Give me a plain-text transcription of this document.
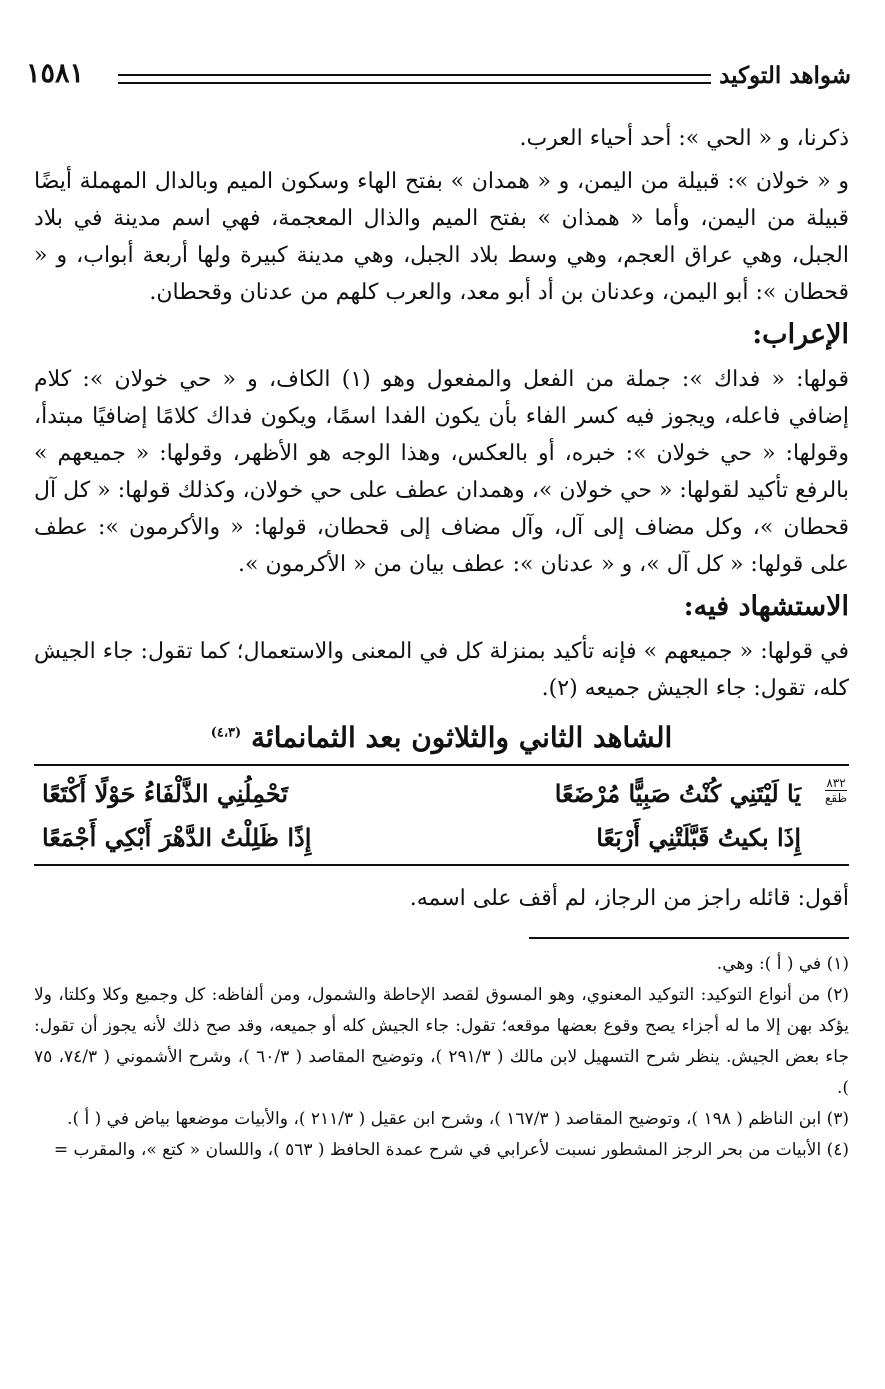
شواهد التوكيد
١٥٨١

ذكرنا، و « الحي »: أحد أحياء العرب.

و « خولان »: قبيلة من اليمن، و « همدان » بفتح الهاء وسكون الميم وبالدال المهملة أيضًا قبيلة من اليمن، وأما « همذان » بفتح الميم والذال المعجمة، فهي اسم مدينة في بلاد الجبل، وهي عراق العجم، وهي وسط بلاد الجبل، وهي مدينة كبيرة ولها أربعة أبواب، و « قحطان »: أبو اليمن، وعدنان بن أد أبو معد، والعرب كلهم من عدنان وقحطان.

الإعراب:

قولها: « فداك »: جملة من الفعل والمفعول وهو (١) الكاف، و « حي خولان »: كلام إضافي فاعله، ويجوز فيه كسر الفاء بأن يكون الفدا اسمًا، ويكون فداك كلامًا إضافيًا مبتدأ، وقولها: « حي خولان »: خبره، أو بالعكس، وهذا الوجه هو الأظهر، وقولها: « جميعهم » بالرفع تأكيد لقولها: « حي خولان »، وهمدان عطف على حي خولان، وكذلك قولها: « كل آل قحطان »، وكل مضاف إلى آل، وآل مضاف إلى قحطان، قولها: « والأكرمون »: عطف على قولها: « كل آل »، و « عدنان »: عطف بيان من « الأكرمون ».

الاستشهاد فيه:

في قولها: « جميعهم » فإنه تأكيد بمنزلة كل في المعنى والاستعمال؛ كما تقول: جاء الجيش كله، تقول: جاء الجيش جميعه (٢).

الشاهد الثاني والثلاثون بعد الثمانمائة $^{(٤،٣)}$
٨٣٢
ظقع
يَا لَيْتَنِي كُنْتُ صَبِيًّا مُرْضَعًا
تَحْمِلُنِي الذَّلْفَاءُ حَوْلًا أَكْتَعًا
إِذَا بكيتُ قَبَّلَتْنِي أَرْبَعًا
إِذًا ظَلِلْتُ الدَّهْرَ أَبْكِي أَجْمَعًا

أقول: قائله راجز من الرجاز، لم أقف على اسمه.

(١) في ( أ ): وهي.

(٢) من أنواع التوكيد: التوكيد المعنوي، وهو المسوق لقصد الإحاطة والشمول، ومن ألفاظه: كل وجميع وكلا وكلتا، ولا يؤكد بهن إلا ما له أجزاء يصح وقوع بعضها موقعه؛ تقول: جاء الجيش كله أو جميعه، وقد صح ذلك لأنه يجوز أن تقول: جاء بعض الجيش. ينظر شرح التسهيل لابن مالك ( ٢٩١/٣ )، وتوضيح المقاصد ( ٦٠/٣ )، وشرح الأشموني ( ٧٤/٣، ٧٥ ).

(٣) ابن الناظم ( ١٩٨ )، وتوضيح المقاصد ( ١٦٧/٣ )، وشرح ابن عقيل ( ٢١١/٣ )، والأبيات موضعها بياض في ( أ ).

(٤) الأبيات من بحر الرجز المشطور نسبت لأعرابي في شرح عمدة الحافظ ( ٥٦٣ )، واللسان « كتع »، والمقرب =
